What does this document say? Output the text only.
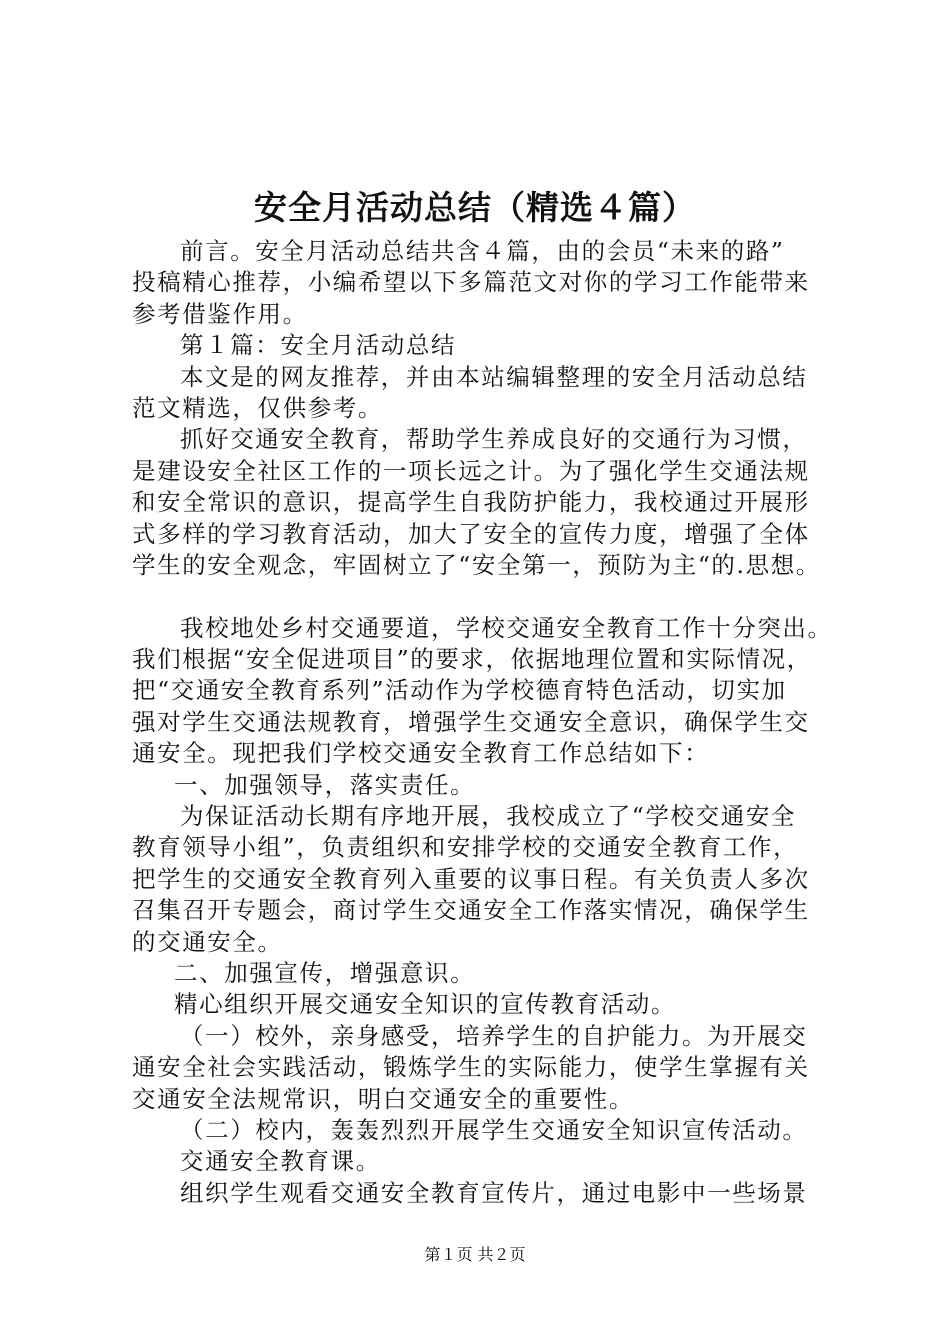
安全月活动总结（精选４篇）
前言。安全月活动总结共含４篇，由的会员“未来的路”
投稿精心推荐，小编希望以下多篇范文对你的学习工作能带来
参考借鉴作用。
第１篇：安全月活动总结
本文是的网友推荐，并由本站编辑整理的安全月活动总结
范文精选，仅供参考。
抓好交通安全教育，帮助学生养成良好的交通行为习惯，
是建设安全社区工作的一项长远之计。为了强化学生交通法规
和安全常识的意识，提高学生自我防护能力，我校通过开展形
式多样的学习教育活动，加大了安全的宣传力度，增强了全体
学生的安全观念，牢固树立了“安全第一，预防为主“的.思想。
我校地处乡村交通要道，学校交通安全教育工作十分突出。
我们根据“安全促进项目”的要求，依据地理位置和实际情况，
把“交通安全教育系列”活动作为学校德育特色活动，切实加
强对学生交通法规教育，增强学生交通安全意识，确保学生交
通安全。现把我们学校交通安全教育工作总结如下：
一、加强领导，落实责任。
为保证活动长期有序地开展，我校成立了“学校交通安全
教育领导小组”，负责组织和安排学校的交通安全教育工作，
把学生的交通安全教育列入重要的议事日程。有关负责人多次
召集召开专题会，商讨学生交通安全工作落实情况，确保学生
的交通安全。
二、加强宣传，增强意识。
精心组织开展交通安全知识的宣传教育活动。
（一）校外，亲身感受，培养学生的自护能力。为开展交
通安全社会实践活动，锻炼学生的实际能力，使学生掌握有关
交通安全法规常识，明白交通安全的重要性。
（二）校内，轰轰烈烈开展学生交通安全知识宣传活动。
交通安全教育课。
组织学生观看交通安全教育宣传片，通过电影中一些场景
第１页 共２页
